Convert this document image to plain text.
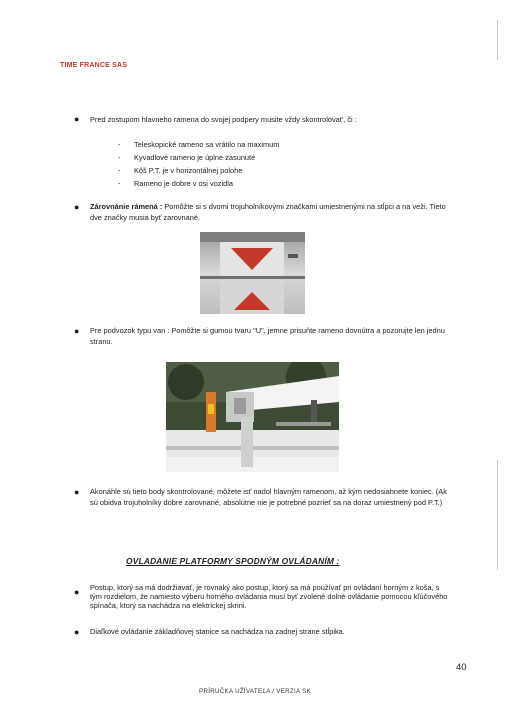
TIME FRANCE SAS
● Pred zostupom hlavneho ramena do svojej podpery musite vždy skontrolovat', či :
- Teleskopické rameno sa vrátilo na maximum
- Kyvadlové rameno je úplne zasunuté
- Kôš P.T. je v horizontálnej polohe
- Rameno je dobre v osi vozidla
● Zárovnánie rámená : Pomôžte si s dvomi trojuholníkovými značkami umiestnenými na stĺpci a na veži. Tieto dve značky musia byť zarovnané.
● Pre podvozok typu van : Pomôžte si gumou tvaru "U", jemne prisuňte rameno dovnútra a pozorujte len jednu stranu.
● Akonáhle sú tieto body skontrolované, môžete isť nadol hlavným ramenom, až kým nedosiahnete koniec. (Ak sú obidva trojuholníky dobre zarovnané, absolútne nie je potrebné pozrieť sa na doraz umiestnený pod P.T.)
OVLADANIE PLATFORMY SPODNÝM OVLÁDANÍM :
● Postup, ktorý sa má dodržiavať, je rovnaký ako postup, ktorý sa má používať pri ovládaní horným z koša, s tým rozdielom, že namiesto výberu horného ovládania musí byť zvolené dolné ovládanie pomocou kľúčového spínača, ktorý sa nachádza na elektrickej skrini.
● Diaľkové ovládanie základňovej stanice sa nachádza na zadnej strane stĺpika.
40
PRÍRUČKA UŽÍVATEĽA / VERZIA SK
